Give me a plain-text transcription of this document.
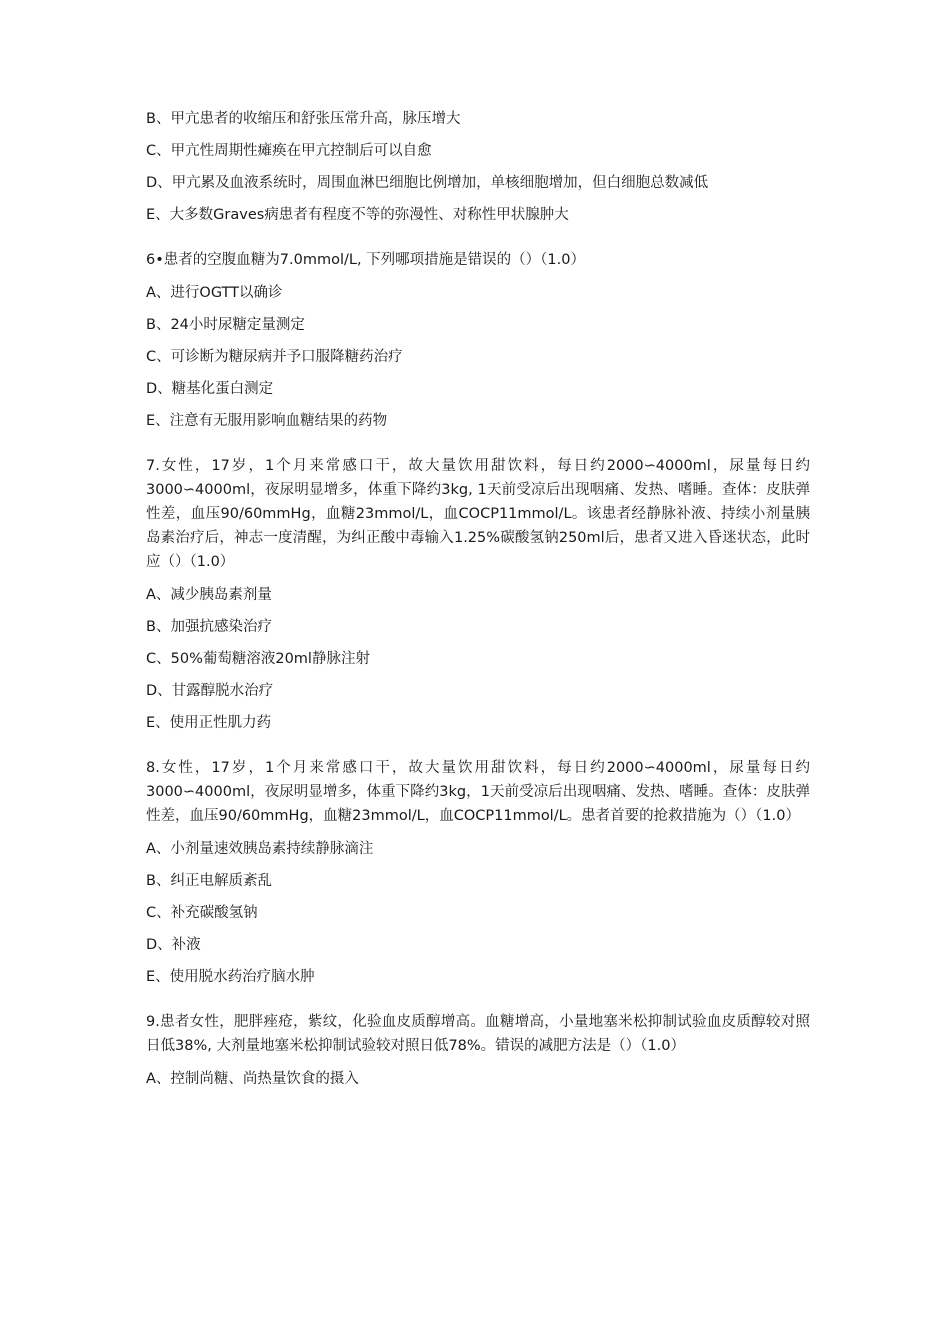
B、甲亢患者的收缩压和舒张压常升高，脉压增大
C、甲亢性周期性瘫痪在甲亢控制后可以自愈
D、甲亢累及血液系统时，周围血淋巴细胞比例增加，单核细胞增加，但白细胞总数减低
E、大多数Graves病患者有程度不等的弥漫性、对称性甲状腺肿大
6•患者的空腹血糖为7.0mmol/L, 下列哪项措施是错误的（）（1.0）
A、进行OGTT以确诊
B、24小时尿糖定量测定
C、可诊断为糖尿病并予口服降糖药治疗
D、糖基化蛋白测定
E、注意有无服用影响血糖结果的药物
7.女性，17岁，1个月来常感口干，故大量饮用甜饮料，每日约2000∽4000ml，尿量每日约3000∽4000ml，夜尿明显增多，体重下降约3kg, 1天前受凉后出现咽痛、发热、嗜睡。查体：皮肤弹性差，血压90/60mmHg，血糖23mmol/L，血COCP11mmol/L。该患者经静脉补液、持续小剂量胰岛素治疗后，神志一度清醒，为纠正酸中毒输入1.25%碳酸氢钠250ml后，患者又进入昏迷状态，此时应（）（1.0）
A、减少胰岛素剂量
B、加强抗感染治疗
C、50%葡萄糖溶液20ml静脉注射
D、甘露醇脱水治疗
E、使用正性肌力药
8.女性，17岁，1个月来常感口干，故大量饮用甜饮料，每日约2000∽4000ml，尿量每日约3000∽4000ml，夜尿明显增多，体重下降约3kg，1天前受凉后出现咽痛、发热、嗜睡。查体：皮肤弹性差，血压90/60mmHg，血糖23mmol/L，血COCP11mmol/L。患者首要的抢救措施为（）（1.0）
A、小剂量速效胰岛素持续静脉滴注
B、纠正电解质紊乱
C、补充碳酸氢钠
D、补液
E、使用脱水药治疗脑水肿
9.患者女性，肥胖痤疮，紫纹，化验血皮质醇增高。血糖增高，小量地塞米松抑制试验血皮质醇较对照日低38%, 大剂量地塞米松抑制试验较对照日低78%。错误的减肥方法是（）（1.0）
A、控制尚糖、尚热量饮食的摄入
